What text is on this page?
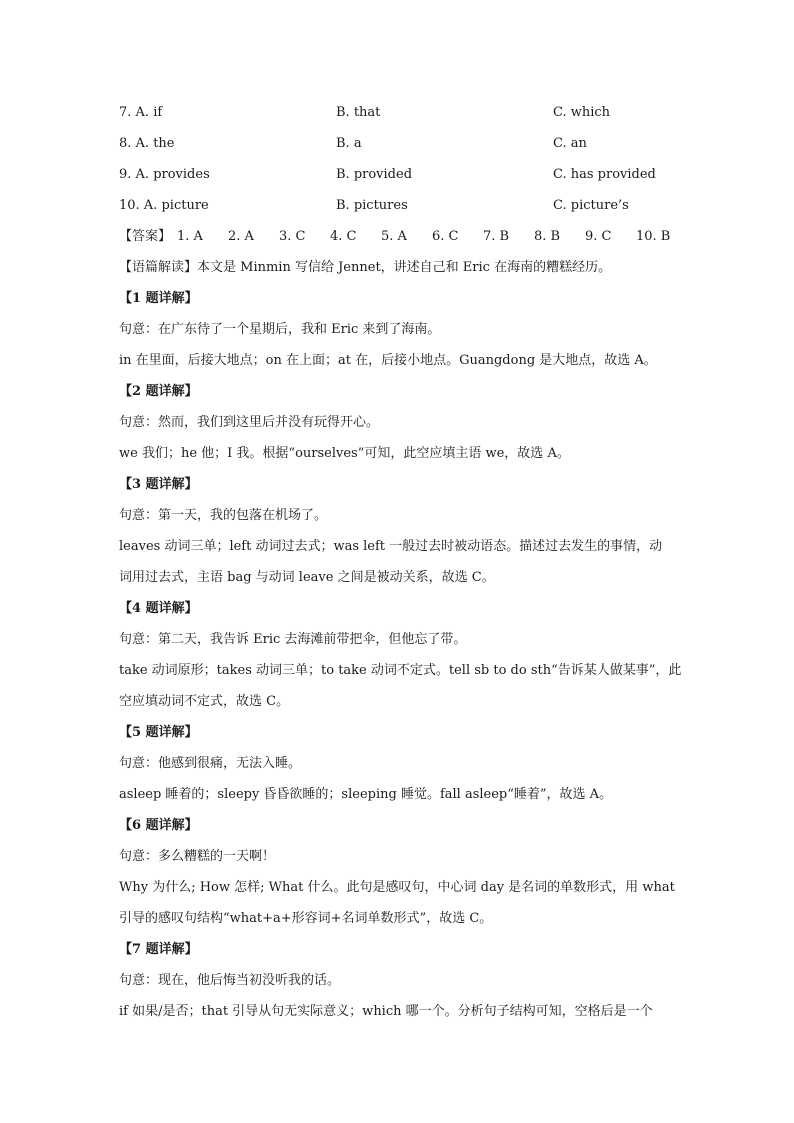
7. A. if	B. that	C. which
8. A. the	B. a	C. an
9. A. provides	B. provided	C. has provided
10. A. picture	B. pictures	C. picture’s
【答案】 1. A 2. A 3. C 4. C 5. A 6. C 7. B 8. B 9. C 10. B
【语篇解读】本文是 Minmin 写信给 Jennet，讲述自己和 Eric 在海南的糟糕经历。
【1 题详解】
句意：在广东待了一个星期后，我和 Eric 来到了海南。
in 在里面，后接大地点；on 在上面；at 在，后接小地点。Guangdong 是大地点，故选 A。
【2 题详解】
句意：然而，我们到这里后并没有玩得开心。
we 我们；he 他；I 我。根据“ourselves”可知，此空应填主语 we，故选 A。
【3 题详解】
句意：第一天，我的包落在机场了。
leaves 动词三单；left 动词过去式；was left 一般过去时被动语态。描述过去发生的事情，动
词用过去式，主语 bag 与动词 leave 之间是被动关系，故选 C。
【4 题详解】
句意：第二天，我告诉 Eric 去海滩前带把伞，但他忘了带。
take 动词原形；takes 动词三单；to take 动词不定式。tell sb to do sth“告诉某人做某事”，此
空应填动词不定式，故选 C。
【5 题详解】
句意：他感到很痛，无法入睡。
asleep 睡着的；sleepy 昏昏欲睡的；sleeping 睡觉。fall asleep“睡着”，故选 A。
【6 题详解】
句意：多么糟糕的一天啊！
Why 为什么; How 怎样; What 什么。此句是感叹句，中心词 day 是名词的单数形式，用 what
引导的感叹句结构“what+a+形容词+名词单数形式”，故选 C。
【7 题详解】
句意：现在，他后悔当初没听我的话。
if 如果/是否；that 引导从句无实际意义；which 哪一个。分析句子结构可知，空格后是一个
